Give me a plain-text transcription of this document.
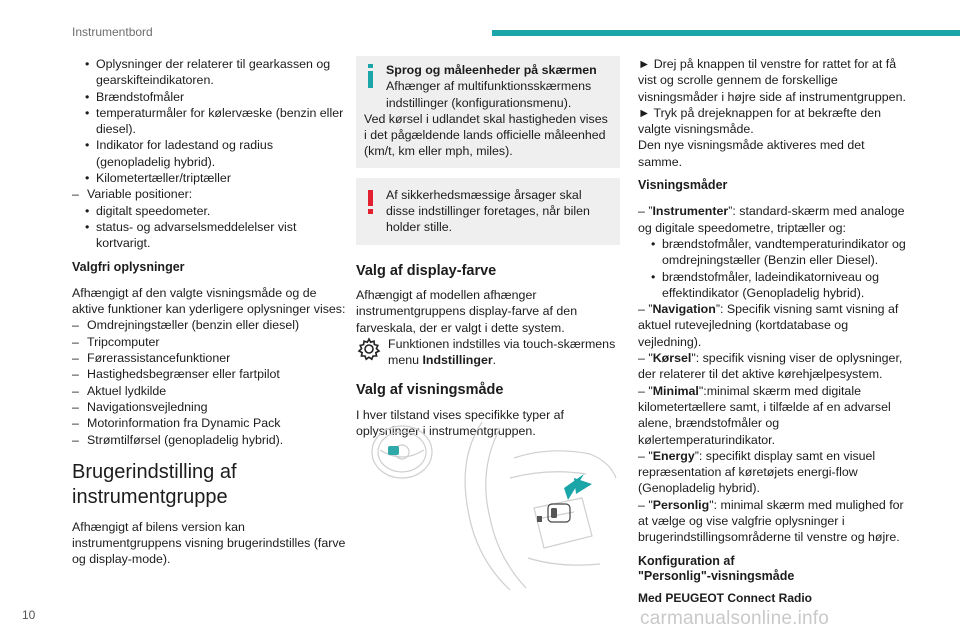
Instrumentbord
• Oplysninger der relaterer til gearkassen og gearskifteindikatoren.
• Brændstofmåler
• temperaturmåler for kølervæske (benzin eller diesel).
• Indikator for ladestand og radius (genopladelig hybrid).
• Kilometertæller/triptæller
– Variable positioner:
• digitalt speedometer.
• status- og advarselsmeddelelser vist kortvarigt.
Valgfri oplysninger
Afhængigt af den valgte visningsmåde og de aktive funktioner kan yderligere oplysninger vises:
– Omdrejningstæller (benzin eller diesel)
– Tripcomputer
– Førerassistancefunktioner
– Hastighedsbegrænser eller fartpilot
– Aktuel lydkilde
– Navigationsvejledning
– Motorinformation fra Dynamic Pack
– Strømtilførsel (genopladelig hybrid).
Brugerindstilling af instrumentgruppe
Afhængigt af bilens version kan instrumentgruppens visning brugerindstilles (farve og display-mode).
Sprog og måleenheder på skærmen
Afhænger af multifunktionsskærmens indstillinger (konfigurationsmenu).
Ved kørsel i udlandet skal hastigheden vises i det pågældende lands officielle måleenhed (km/t, km eller mph, miles).
Af sikkerhedsmæssige årsager skal disse indstillinger foretages, når bilen holder stille.
Valg af display-farve
Afhængigt af modellen afhænger instrumentgruppens display-farve af den farveskala, der er valgt i dette system.
Funktionen indstilles via touch-skærmens menu Indstillinger.
Valg af visningsmåde
I hver tilstand vises specifikke typer af oplysninger i instrumentgruppen.
► Drej på knappen til venstre for rattet for at få vist og scrolle gennem de forskellige visningsmåder i højre side af instrumentgruppen.
► Tryk på drejeknappen for at bekræfte den valgte visningsmåde.
Den nye visningsmåde aktiveres med det samme.
Visningsmåder
– ”Instrumenter”: standard-skærm med analoge og digitale speedometre, triptæller og:
• brændstofmåler, vandtemperaturindikator og omdrejningstæller (Benzin eller Diesel).
• brændstofmåler, ladeindikatorniveau og effektindikator (Genopladelig hybrid).
– ”Navigation”: Specifik visning samt visning af aktuel rutevejledning (kortdatabase og vejledning).
– "Kørsel": specifik visning viser de oplysninger, der relaterer til det aktive kørehjælpesystem.
– "Minimal":minimal skærm med digitale kilometertællere samt, i tilfælde af en advarsel alene, brændstofmåler og kølertemperaturindikator.
– "Energy”: specifikt display samt en visuel repræsentation af køretøjets energi-flow (Genopladelig hybrid).
– "Personlig": minimal skærm med mulighed for at vælge og vise valgfrie oplysninger i brugerindstillingsområderne til venstre og højre.
Konfiguration af
"Personlig"-visningsmåde
Med PEUGEOT Connect Radio
10	carmanualsonline.info
